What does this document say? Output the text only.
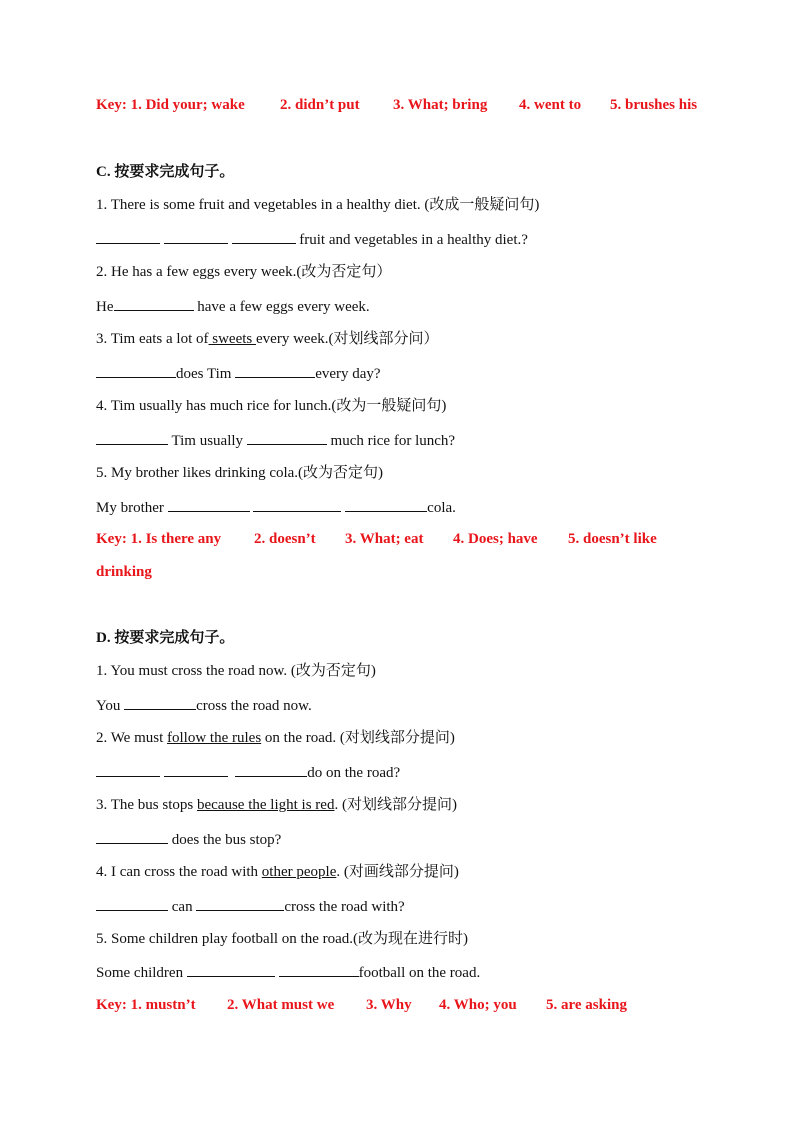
Key: 1. Did your; wake 2. didn’t put 3. What; bring 4. went to 5. brushes his
C. 按要求完成句子。
1. There is some fruit and vegetables in a healthy diet. (改成一般疑问句)
fruit and vegetables in a healthy diet.?
2. He has a few eggs every week.(改为否定句）
He	have a few eggs every week.
3. Tim eats a lot of sweets every week.(对划线部分问）
does Tim	every day?
4. Tim usually has much rice for lunch.(改为一般疑问句)
Tim usually	much rice for lunch?
5. My brother likes drinking cola.(改为否定句)
My brother	cola.
Key: 1. Is there any 2. doesn’t 3. What; eat 4. Does; have 5. doesn’t like
drinking
D. 按要求完成句子。
1. You must cross the road now. (改为否定句)
You	cross the road now.
2. We must follow the rules on the road. (对划线部分提问)
do on the road?
3. The bus stops because the light is red. (对划线部分提问)
does the bus stop?
4. I can cross the road with other people. (对画线部分提问)
can	cross the road with?
5. Some children play football on the road.(改为现在进行时)
Some children	football on the road.
Key: 1. mustn’t 2. What must we 3. Why 4. Who; you 5. are asking
